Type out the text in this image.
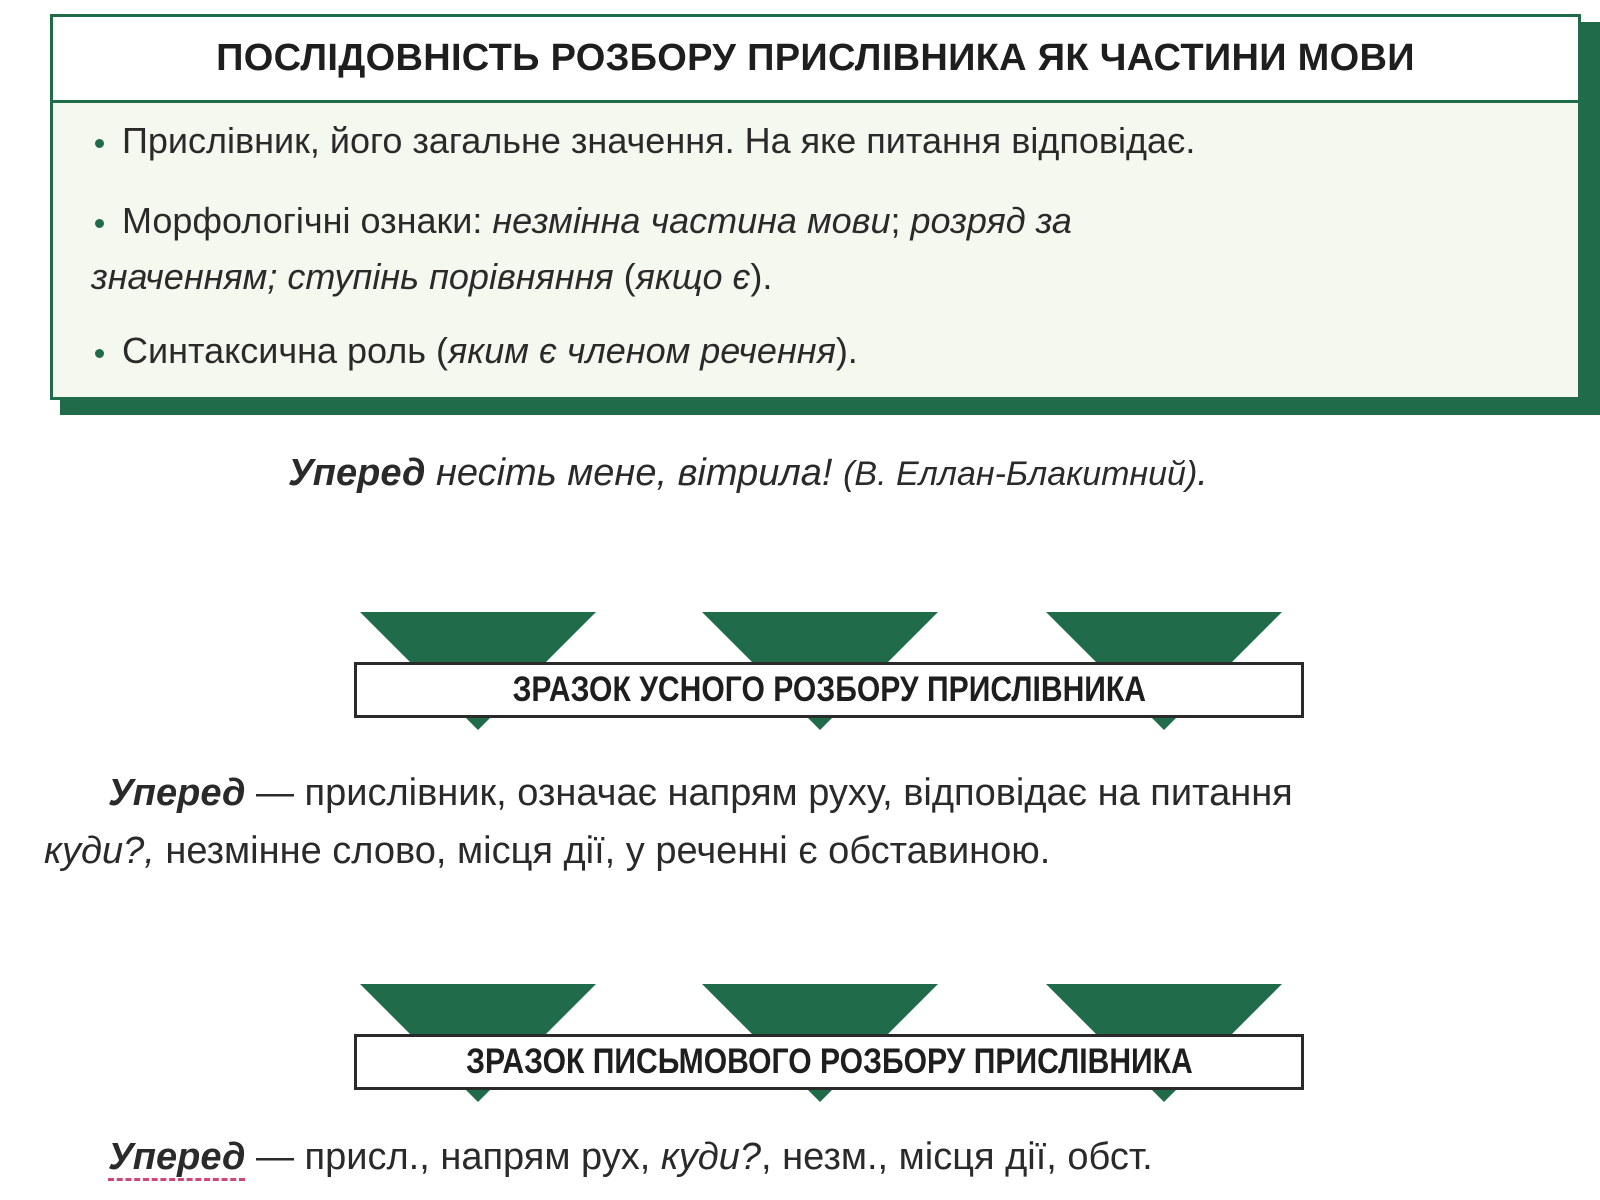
ПОСЛІДОВНІСТЬ РОЗБОРУ ПРИСЛІВНИКА ЯК ЧАСТИНИ МОВИ
Прислівник, його загальне значення. На яке питання відповідає.
Морфологічні ознаки: незмінна частина мови; розряд за
значенням; ступінь порівняння (якщо є).
Синтаксична роль (яким є членом речення).
Уперед несіть мене, вітрила! (В. Еллан-Блакитний).
ЗРАЗОК УСНОГО РОЗБОРУ ПРИСЛІВНИКА
Уперед — прислівник, означає напрям руху, відповідає на питання
куди?, незмінне слово, місця дії, у реченні є обставиною.
ЗРАЗОК ПИСЬМОВОГО РОЗБОРУ ПРИСЛІВНИКА
Уперед — присл., напрям рух, куди?, незм., місця дії, обст.
